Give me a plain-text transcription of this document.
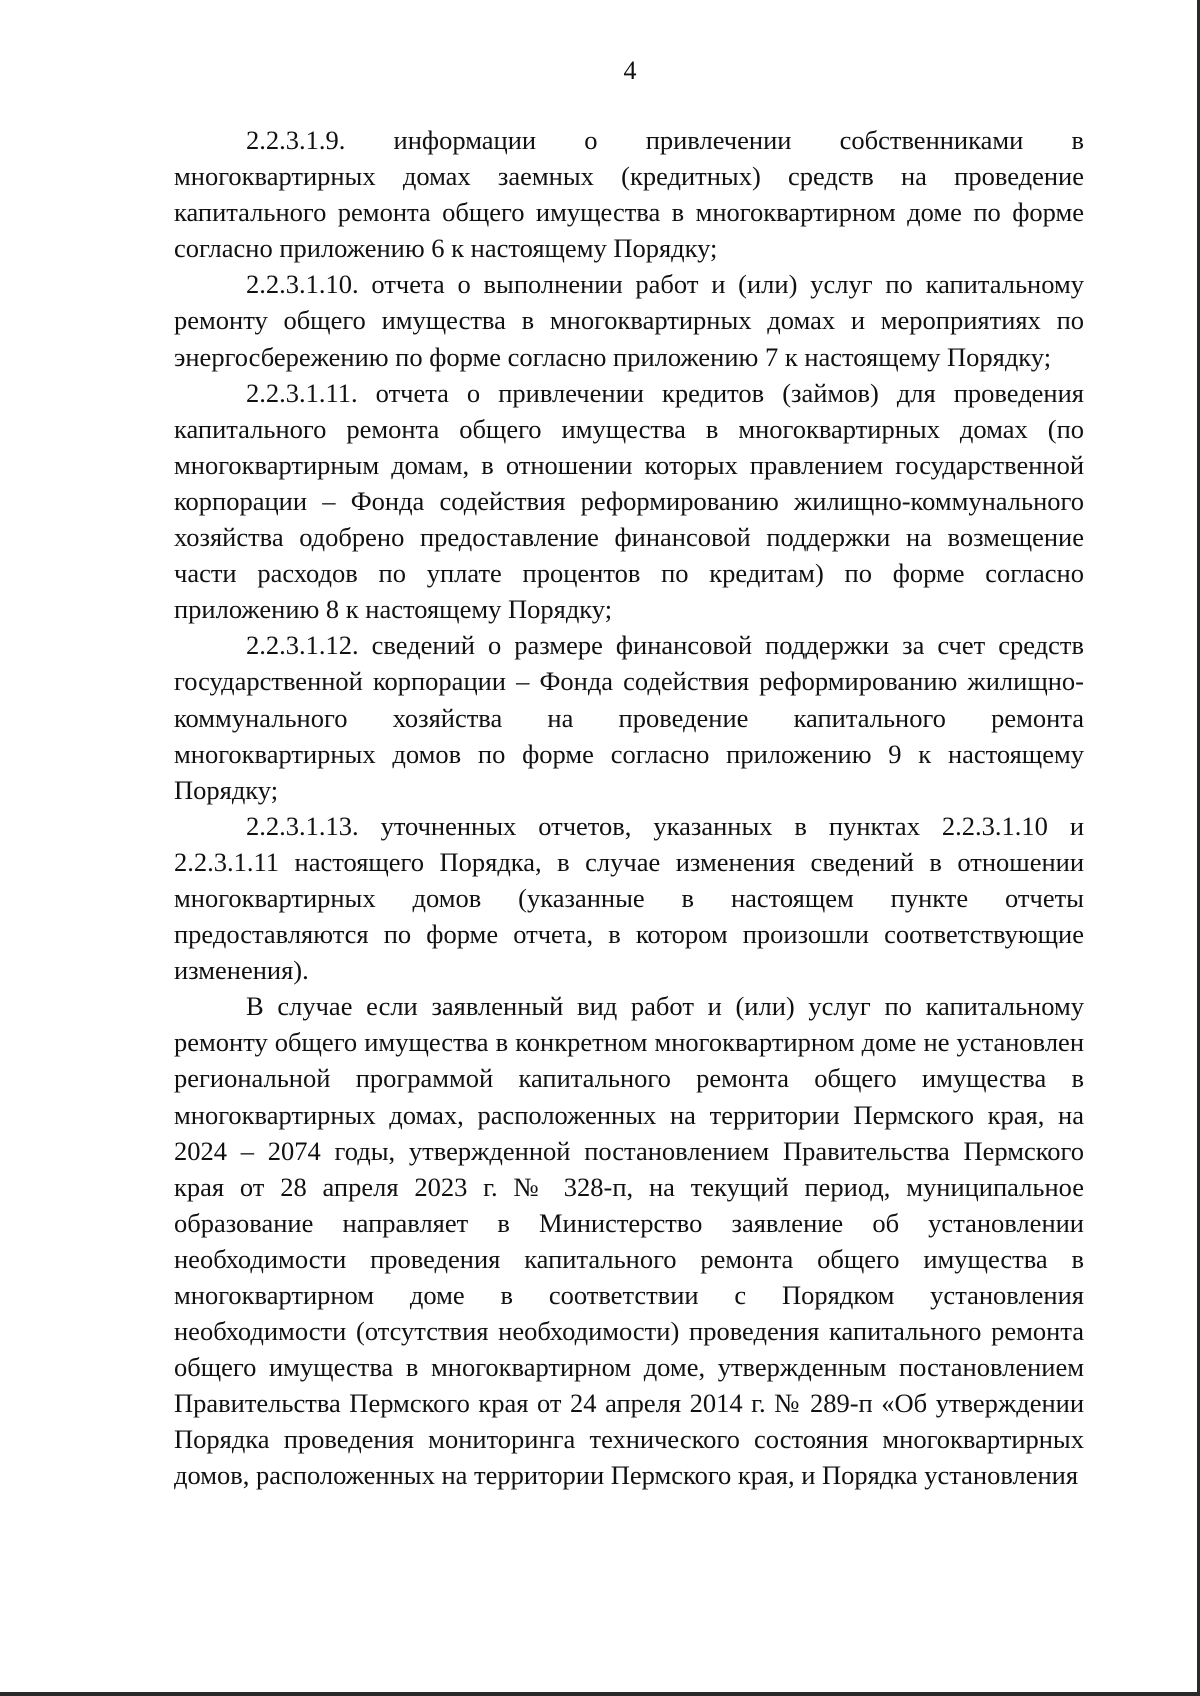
4

2.2.3.1.9. информации о привлечении собственниками в многоквартирных домах заемных (кредитных) средств на проведение капитального ремонта общего имущества в многоквартирном доме по форме согласно приложению 6 к настоящему Порядку;

2.2.3.1.10. отчета о выполнении работ и (или) услуг по капитальному ремонту общего имущества в многоквартирных домах и мероприятиях по энергосбережению по форме согласно приложению 7 к настоящему Порядку;

2.2.3.1.11. отчета о привлечении кредитов (займов) для проведения капитального ремонта общего имущества в многоквартирных домах (по многоквартирным домам, в отношении которых правлением государственной корпорации – Фонда содействия реформированию жилищно-коммунального хозяйства одобрено предоставление финансовой поддержки на возмещение части расходов по уплате процентов по кредитам) по форме согласно приложению 8 к настоящему Порядку;

2.2.3.1.12. сведений о размере финансовой поддержки за счет средств государственной корпорации – Фонда содействия реформированию жилищно-коммунального хозяйства на проведение капитального ремонта многоквартирных домов по форме согласно приложению 9 к настоящему Порядку;

2.2.3.1.13. уточненных отчетов, указанных в пунктах 2.2.3.1.10 и 2.2.3.1.11 настоящего Порядка, в случае изменения сведений в отношении многоквартирных домов (указанные в настоящем пункте отчеты предоставляются по форме отчета, в котором произошли соответствующие изменения).

В случае если заявленный вид работ и (или) услуг по капитальному ремонту общего имущества в конкретном многоквартирном доме не установлен региональной программой капитального ремонта общего имущества в многоквартирных домах, расположенных на территории Пермского края, на 2024 – 2074 годы, утвержденной постановлением Правительства Пермского края от 28 апреля 2023 г. № 328-п, на текущий период, муниципальное образование направляет в Министерство заявление об установлении необходимости проведения капитального ремонта общего имущества в многоквартирном доме в соответствии с Порядком установления необходимости (отсутствия необходимости) проведения капитального ремонта общего имущества в многоквартирном доме, утвержденным постановлением Правительства Пермского края от 24 апреля 2014 г. № 289-п «Об утверждении Порядка проведения мониторинга технического состояния многоквартирных домов, расположенных на территории Пермского края, и Порядка установления
